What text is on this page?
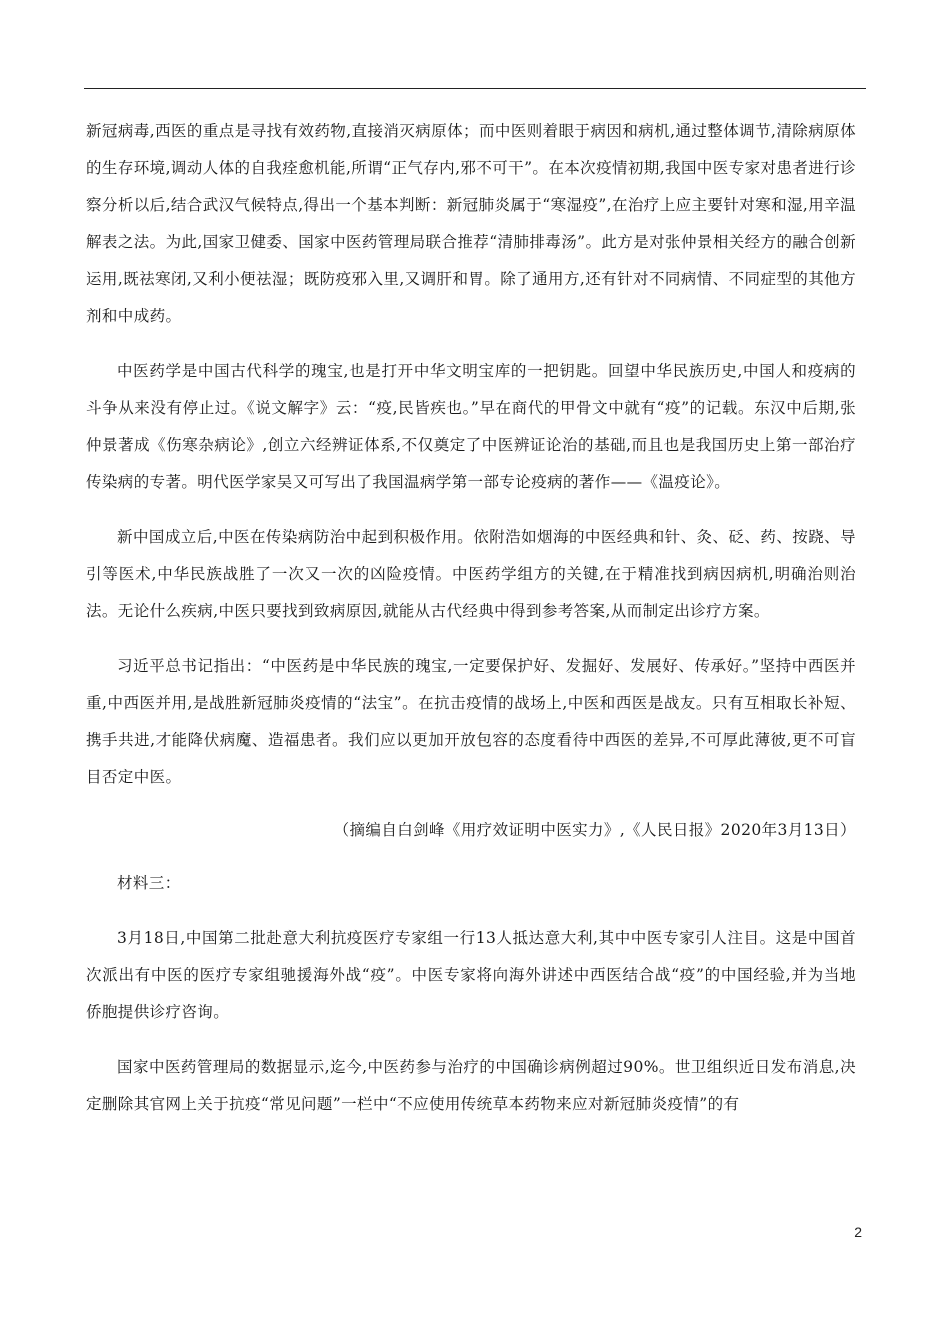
新冠病毒,西医的重点是寻找有效药物,直接消灭病原体；而中医则着眼于病因和病机,通过整体调节,清除病原体的生存环境,调动人体的自我痊愈机能,所谓“正气存内,邪不可干”。在本次疫情初期,我国中医专家对患者进行诊察分析以后,结合武汉气候特点,得出一个基本判断：新冠肺炎属于“寒湿疫”,在治疗上应主要针对寒和湿,用辛温解表之法。为此,国家卫健委、国家中医药管理局联合推荐“清肺排毒汤”。此方是对张仲景相关经方的融合创新运用,既祛寒闭,又利小便祛湿；既防疫邪入里,又调肝和胃。除了通用方,还有针对不同病情、不同症型的其他方剂和中成药。

中医药学是中国古代科学的瑰宝,也是打开中华文明宝库的一把钥匙。回望中华民族历史,中国人和疫病的斗争从来没有停止过。《说文解字》云：“疫,民皆疾也。”早在商代的甲骨文中就有“疫”的记载。东汉中后期,张仲景著成《伤寒杂病论》,创立六经辨证体系,不仅奠定了中医辨证论治的基础,而且也是我国历史上第一部治疗传染病的专著。明代医学家吴又可写出了我国温病学第一部专论疫病的著作——《温疫论》。

新中国成立后,中医在传染病防治中起到积极作用。依附浩如烟海的中医经典和针、灸、砭、药、按跷、导引等医术,中华民族战胜了一次又一次的凶险疫情。中医药学组方的关键,在于精准找到病因病机,明确治则治法。无论什么疾病,中医只要找到致病原因,就能从古代经典中得到参考答案,从而制定出诊疗方案。

习近平总书记指出：“中医药是中华民族的瑰宝,一定要保护好、发掘好、发展好、传承好。”坚持中西医并重,中西医并用,是战胜新冠肺炎疫情的“法宝”。在抗击疫情的战场上,中医和西医是战友。只有互相取长补短、携手共进,才能降伏病魔、造福患者。我们应以更加开放包容的态度看待中西医的差异,不可厚此薄彼,更不可盲目否定中医。

（摘编自白剑峰《用疗效证明中医实力》,《人民日报》2020年3月13日）

材料三：

3月18日,中国第二批赴意大利抗疫医疗专家组一行13人抵达意大利,其中中医专家引人注目。这是中国首次派出有中医的医疗专家组驰援海外战“疫”。中医专家将向海外讲述中西医结合战“疫”的中国经验,并为当地侨胞提供诊疗咨询。

国家中医药管理局的数据显示,迄今,中医药参与治疗的中国确诊病例超过90%。世卫组织近日发布消息,决定删除其官网上关于抗疫“常见问题”一栏中“不应使用传统草本药物来应对新冠肺炎疫情”的有

2
